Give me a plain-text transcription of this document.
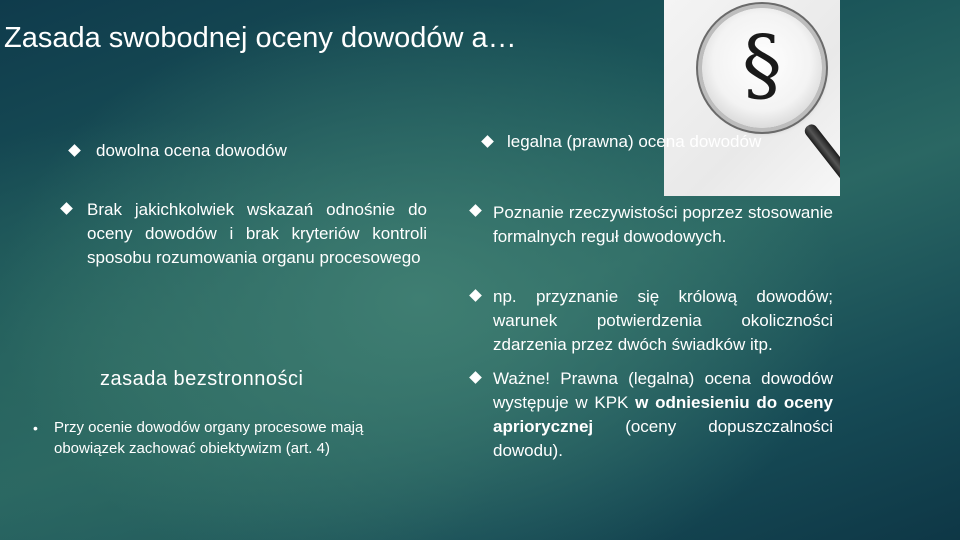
Zasada swobodnej oceny dowodów a…	§
dowolna ocena dowodów
Brak jakichkolwiek wskazań odnośnie do oceny dowodów i brak kryteriów kontroli sposobu rozumowania organu procesowego
zasada bezstronności
• Przy ocenie dowodów organy procesowe mają obowiązek zachować obiektywizm (art. 4)
legalna (prawna) ocena dowodów
Poznanie rzeczywistości poprzez stosowanie formalnych reguł dowodowych.
np. przyznanie się królową dowodów; warunek potwierdzenia okoliczności zdarzenia przez dwóch świadków itp.
Ważne! Prawna (legalna) ocena dowodów występuje w KPK w odniesieniu do oceny apriorycznej (oceny dopuszczalności dowodu).
